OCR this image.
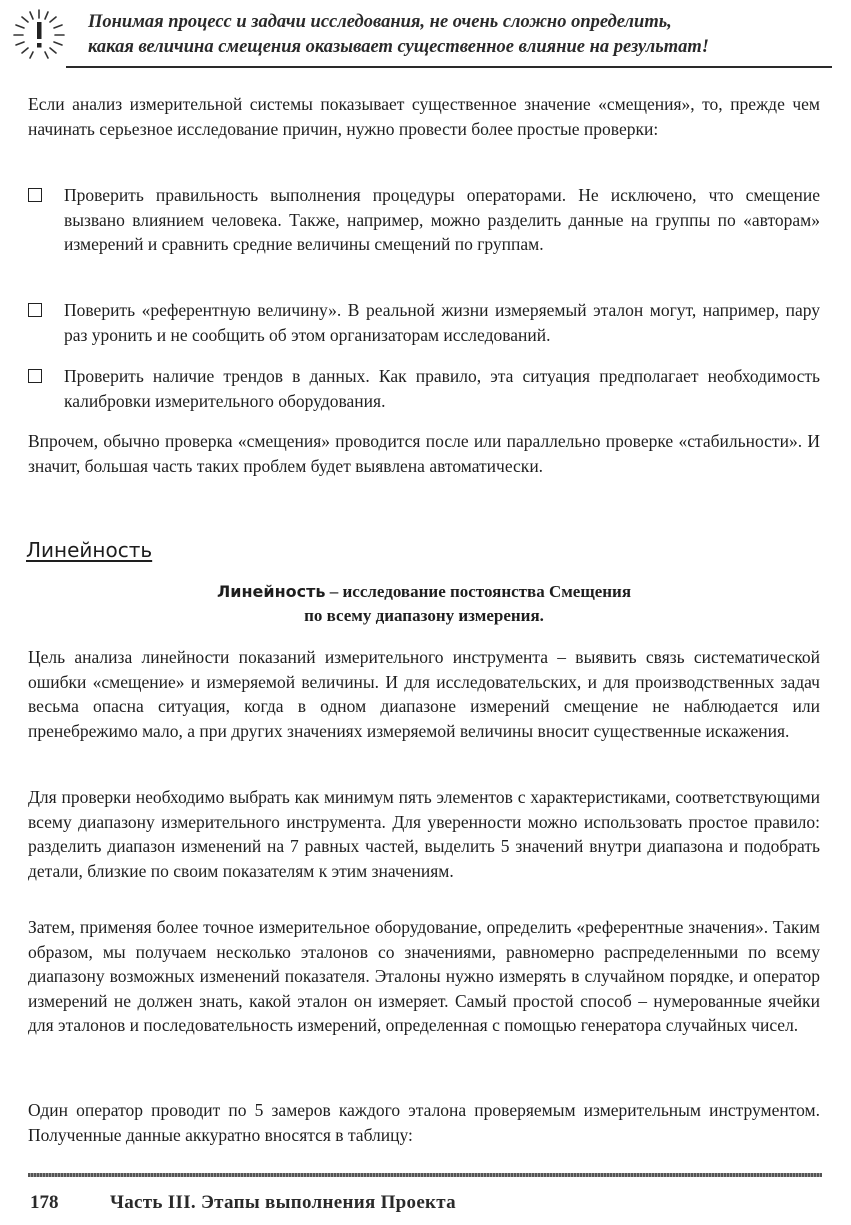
Понимая процесс и задачи исследования, не очень сложно определить,
какая величина смещения оказывает существенное влияние на результат!
Если анализ измерительной системы показывает существенное значение «смещения», то, прежде чем начинать серьезное исследование причин, нужно провести более простые проверки:
Проверить правильность выполнения процедуры операторами. Не исключено, что смещение вызвано влиянием человека. Также, например, можно разделить данные на группы по «авторам» измерений и сравнить средние величины смещений по группам.
Поверить «референтную величину». В реальной жизни измеряемый эталон могут, например, пару раз уронить и не сообщить об этом организаторам исследований.
Проверить наличие трендов в данных. Как правило, эта ситуация предполагает необходимость калибровки измерительного оборудования.
Впрочем, обычно проверка «смещения» проводится после или параллельно проверке «стабильности». И значит, большая часть таких проблем будет выявлена автоматически.
Линейность
Линейность – исследование постоянства Смещения
по всему диапазону измерения.
Цель анализа линейности показаний измерительного инструмента – выявить связь систематической ошибки «смещение» и измеряемой величины. И для исследовательских, и для производственных задач весьма опасна ситуация, когда в одном диапазоне измерений смещение не наблюдается или пренебрежимо мало, а при других значениях измеряемой величины вносит существенные искажения.
Для проверки необходимо выбрать как минимум пять элементов с характеристиками, соответствующими всему диапазону измерительного инструмента. Для уверенности можно использовать простое правило: разделить диапазон изменений на 7 равных частей, выделить 5 значений внутри диапазона и подобрать детали, близкие по своим показателям к этим значениям.
Затем, применяя более точное измерительное оборудование, определить «референтные значения». Таким образом, мы получаем несколько эталонов со значениями, равномерно распределенными по всему диапазону возможных изменений показателя. Эталоны нужно измерять в случайном порядке, и оператор измерений не должен знать, какой эталон он измеряет. Самый простой способ – нумерованные ячейки для эталонов и последовательность измерений, определенная с помощью генератора случайных чисел.
Один оператор проводит по 5 замеров каждого эталона проверяемым измерительным инструментом. Полученные данные аккуратно вносятся в таблицу:
178	Часть III. Этапы выполнения Проекта
